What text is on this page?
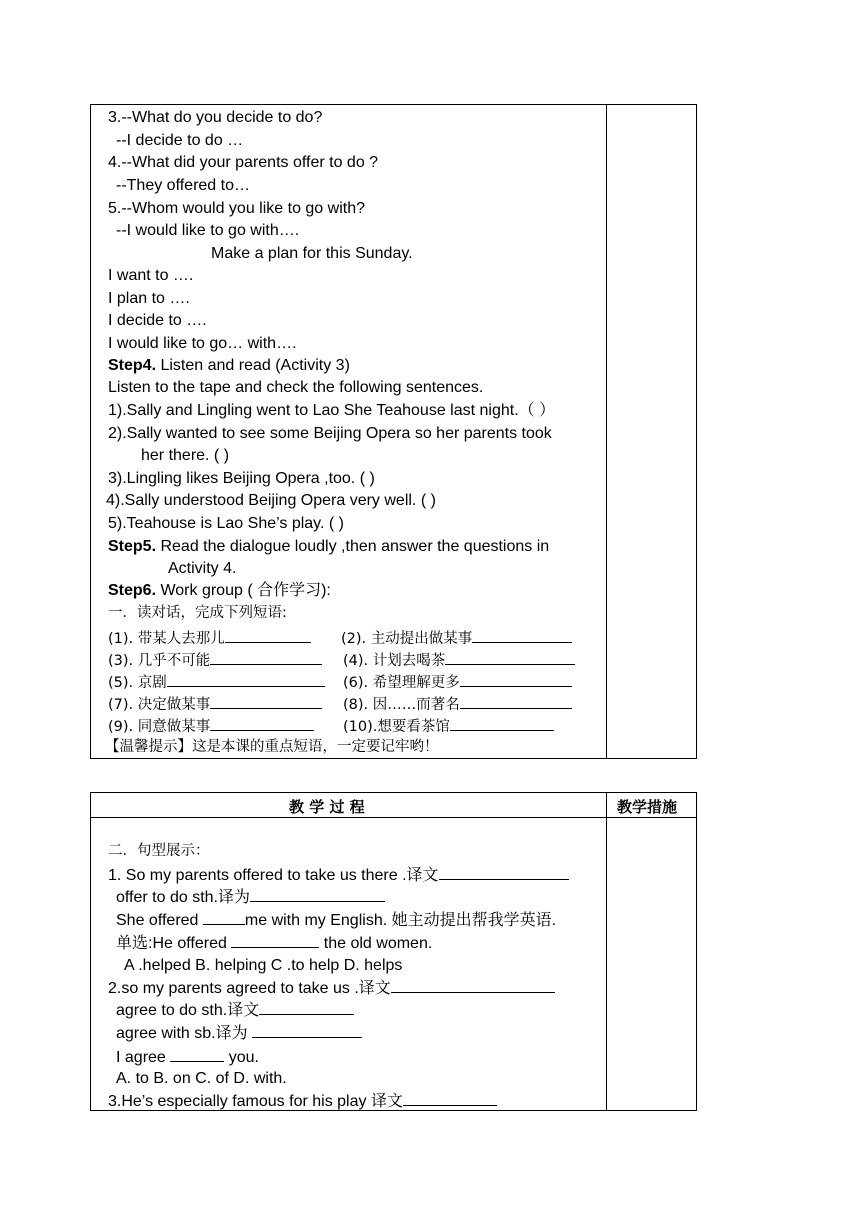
3.--What do you decide to do?
--I decide to do …
4.--What did your parents offer to do ?
--They offered to…
5.--Whom would you like to go with?
--I would like to go with….
Make a plan for this Sunday.
I want to ….
I plan to ….
I decide to ….
I would like to go… with….
Step4. Listen and read (Activity 3)
Listen to the tape and check the following sentences.
1).Sally and Lingling went to Lao She Teahouse last night.（ ）
2).Sally wanted to see some Beijing Opera so her parents took
her there. ( )
3).Lingling likes Beijing Opera ,too. ( )
4).Sally understood Beijing Opera very well. ( )
5).Teahouse is Lao She’s play. ( )
Step5. Read the dialogue loudly ,then answer the questions in
Activity 4.
Step6. Work group ( 合作学习):
一．读对话，完成下列短语:
(1). 带某人去那儿	(2). 主动提出做某事
(3). 几乎不可能	(4). 计划去喝茶
(5). 京剧	(6). 希望理解更多
(7). 决定做某事	(8). 因……而著名
(9). 同意做某事	(10).想要看茶馆
【温馨提示】这是本课的重点短语，一定要记牢哟！
教 学 过 程	教学措施
二．句型展示：
1. So my parents offered to take us there .译文
offer to do sth.译为
She offered	me with my English. 她主动提出帮我学英语.
单选:He offered	the old women.
A .helped B. helping C .to help D. helps
2.so my parents agreed to take us .译文
agree to do sth.译文
agree with sb.译为
I agree	you.
A. to B. on C. of D. with.
3.He’s especially famous for his play 译文
